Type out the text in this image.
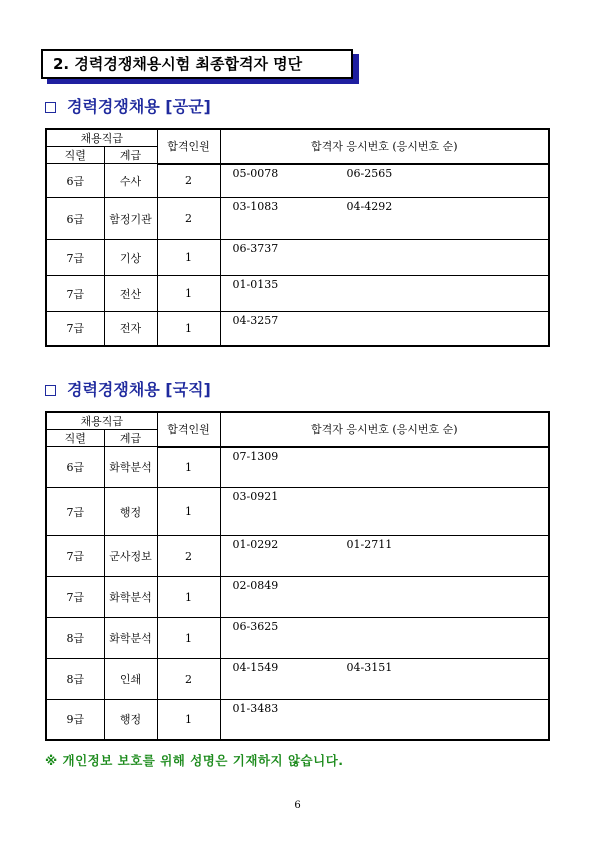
2. 경력경쟁채용시험 최종합격자 명단
경력경쟁채용 [공군]
채용직급		합격인원	합격자 응시번호 (응시번호 순)
직렬	계급		
6급	수사	2	05-0078 06-2565
6급	함정기관	2	03-1083 04-4292
7급	기상	1	06-3737
7급	전산	1	01-0135
7급	전자	1	04-3257
경력경쟁채용 [국직]
채용직급		합격인원	합격자 응시번호 (응시번호 순)
직렬	계급		
6급	화학분석	1	07-1309
7급	행정	1	03-0921
7급	군사정보	2	01-0292 01-2711
7급	화학분석	1	02-0849
8급	화학분석	1	06-3625
8급	인쇄	2	04-1549 04-3151
9급	행정	1	01-3483
※ 개인정보 보호를 위해 성명은 기재하지 않습니다.
6
